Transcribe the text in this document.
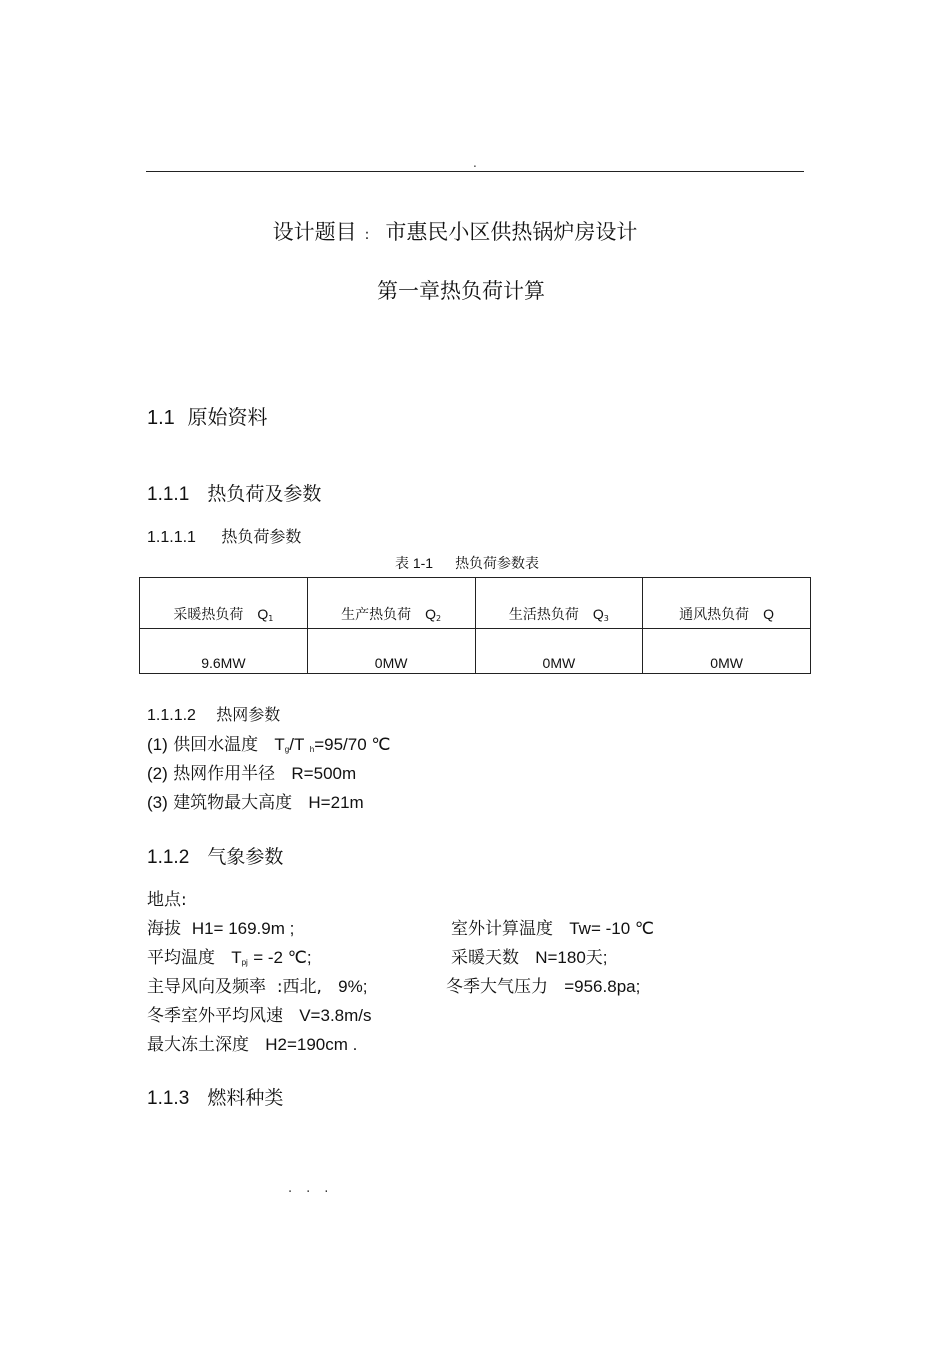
.
设计题目 : 市惠民小区供热锅炉房设计
第一章热负荷计算
1.1 原始资料
1.1.1 热负荷及参数
1.1.1.1 热负荷参数
表 1-1 热负荷参数表
采暖热负荷 $Q_1$	生产热负荷 $Q_2$	生活热负荷 $Q_3$	通风热负荷 Q
9.6MW	0MW	0MW	0MW
1.1.1.2 热网参数
(1) 供回水温度 $T_g/T$ $_h$=95/70 ℃
(2) 热网作用半径 R=500m
(3) 建筑物最大高度 H=21m
1.1.2 气象参数
地点:
海拔 H1= 169.9m ;	室外计算温度 Tw= -10 ℃
平均温度 $T_{pj} = -2$ ℃;	采暖天数 N=180天;
主导风向及频率 :西北, 9%;	冬季大气压力 =956.8pa;
冬季室外平均风速 V=3.8m/s
最大冻土深度 H2=190cm .
1.1.3 燃料种类
...
